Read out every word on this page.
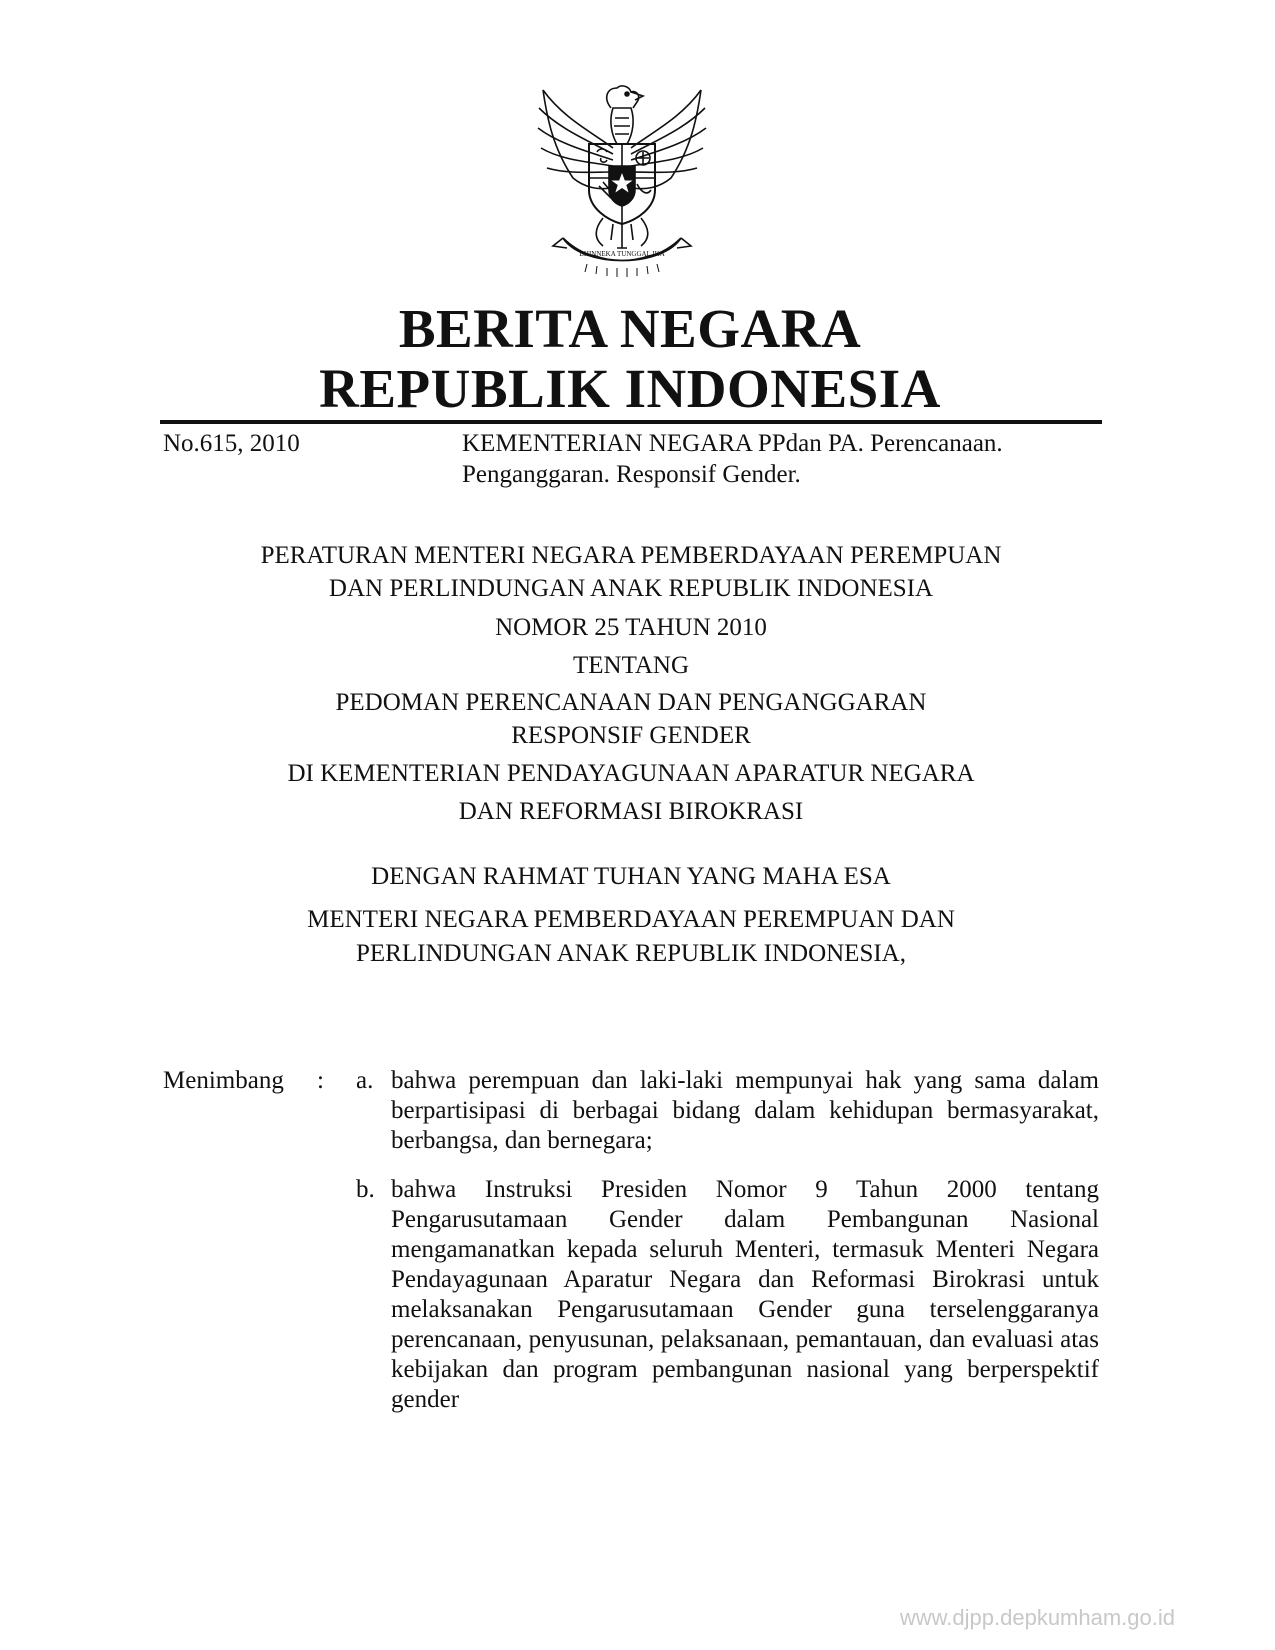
BHINNEKA TUNGGAL IKA
BERITA NEGARA
REPUBLIK INDONESIA
No.615, 2010	KEMENTERIAN NEGARA PPdan PA. Perencanaan. Penganggaran. Responsif Gender.
PERATURAN MENTERI NEGARA PEMBERDAYAAN PEREMPUAN
DAN PERLINDUNGAN ANAK REPUBLIK INDONESIA
NOMOR 25 TAHUN 2010
TENTANG
PEDOMAN PERENCANAAN DAN PENGANGGARAN
RESPONSIF GENDER
DI KEMENTERIAN PENDAYAGUNAAN APARATUR NEGARA
DAN REFORMASI BIROKRASI
DENGAN RAHMAT TUHAN YANG MAHA ESA
MENTERI NEGARA PEMBERDAYAAN PEREMPUAN DAN
PERLINDUNGAN ANAK REPUBLIK INDONESIA,
Menimbang : a. bahwa perempuan dan laki-laki mempunyai hak yang sama dalam berpartisipasi di berbagai bidang dalam kehidupan bermasyarakat, berbangsa, dan bernegara;
b. bahwa Instruksi Presiden Nomor 9 Tahun 2000 tentang Pengarusutamaan Gender dalam Pembangunan Nasional mengamanatkan kepada seluruh Menteri, termasuk Menteri Negara Pendayagunaan Aparatur Negara dan Reformasi Birokrasi untuk melaksanakan Pengarusutamaan Gender guna terselenggaranya perencanaan, penyusunan, pelaksanaan, pemantauan, dan evaluasi atas kebijakan dan program pembangunan nasional yang berperspektif gender
www.djpp.depkumham.go.id
